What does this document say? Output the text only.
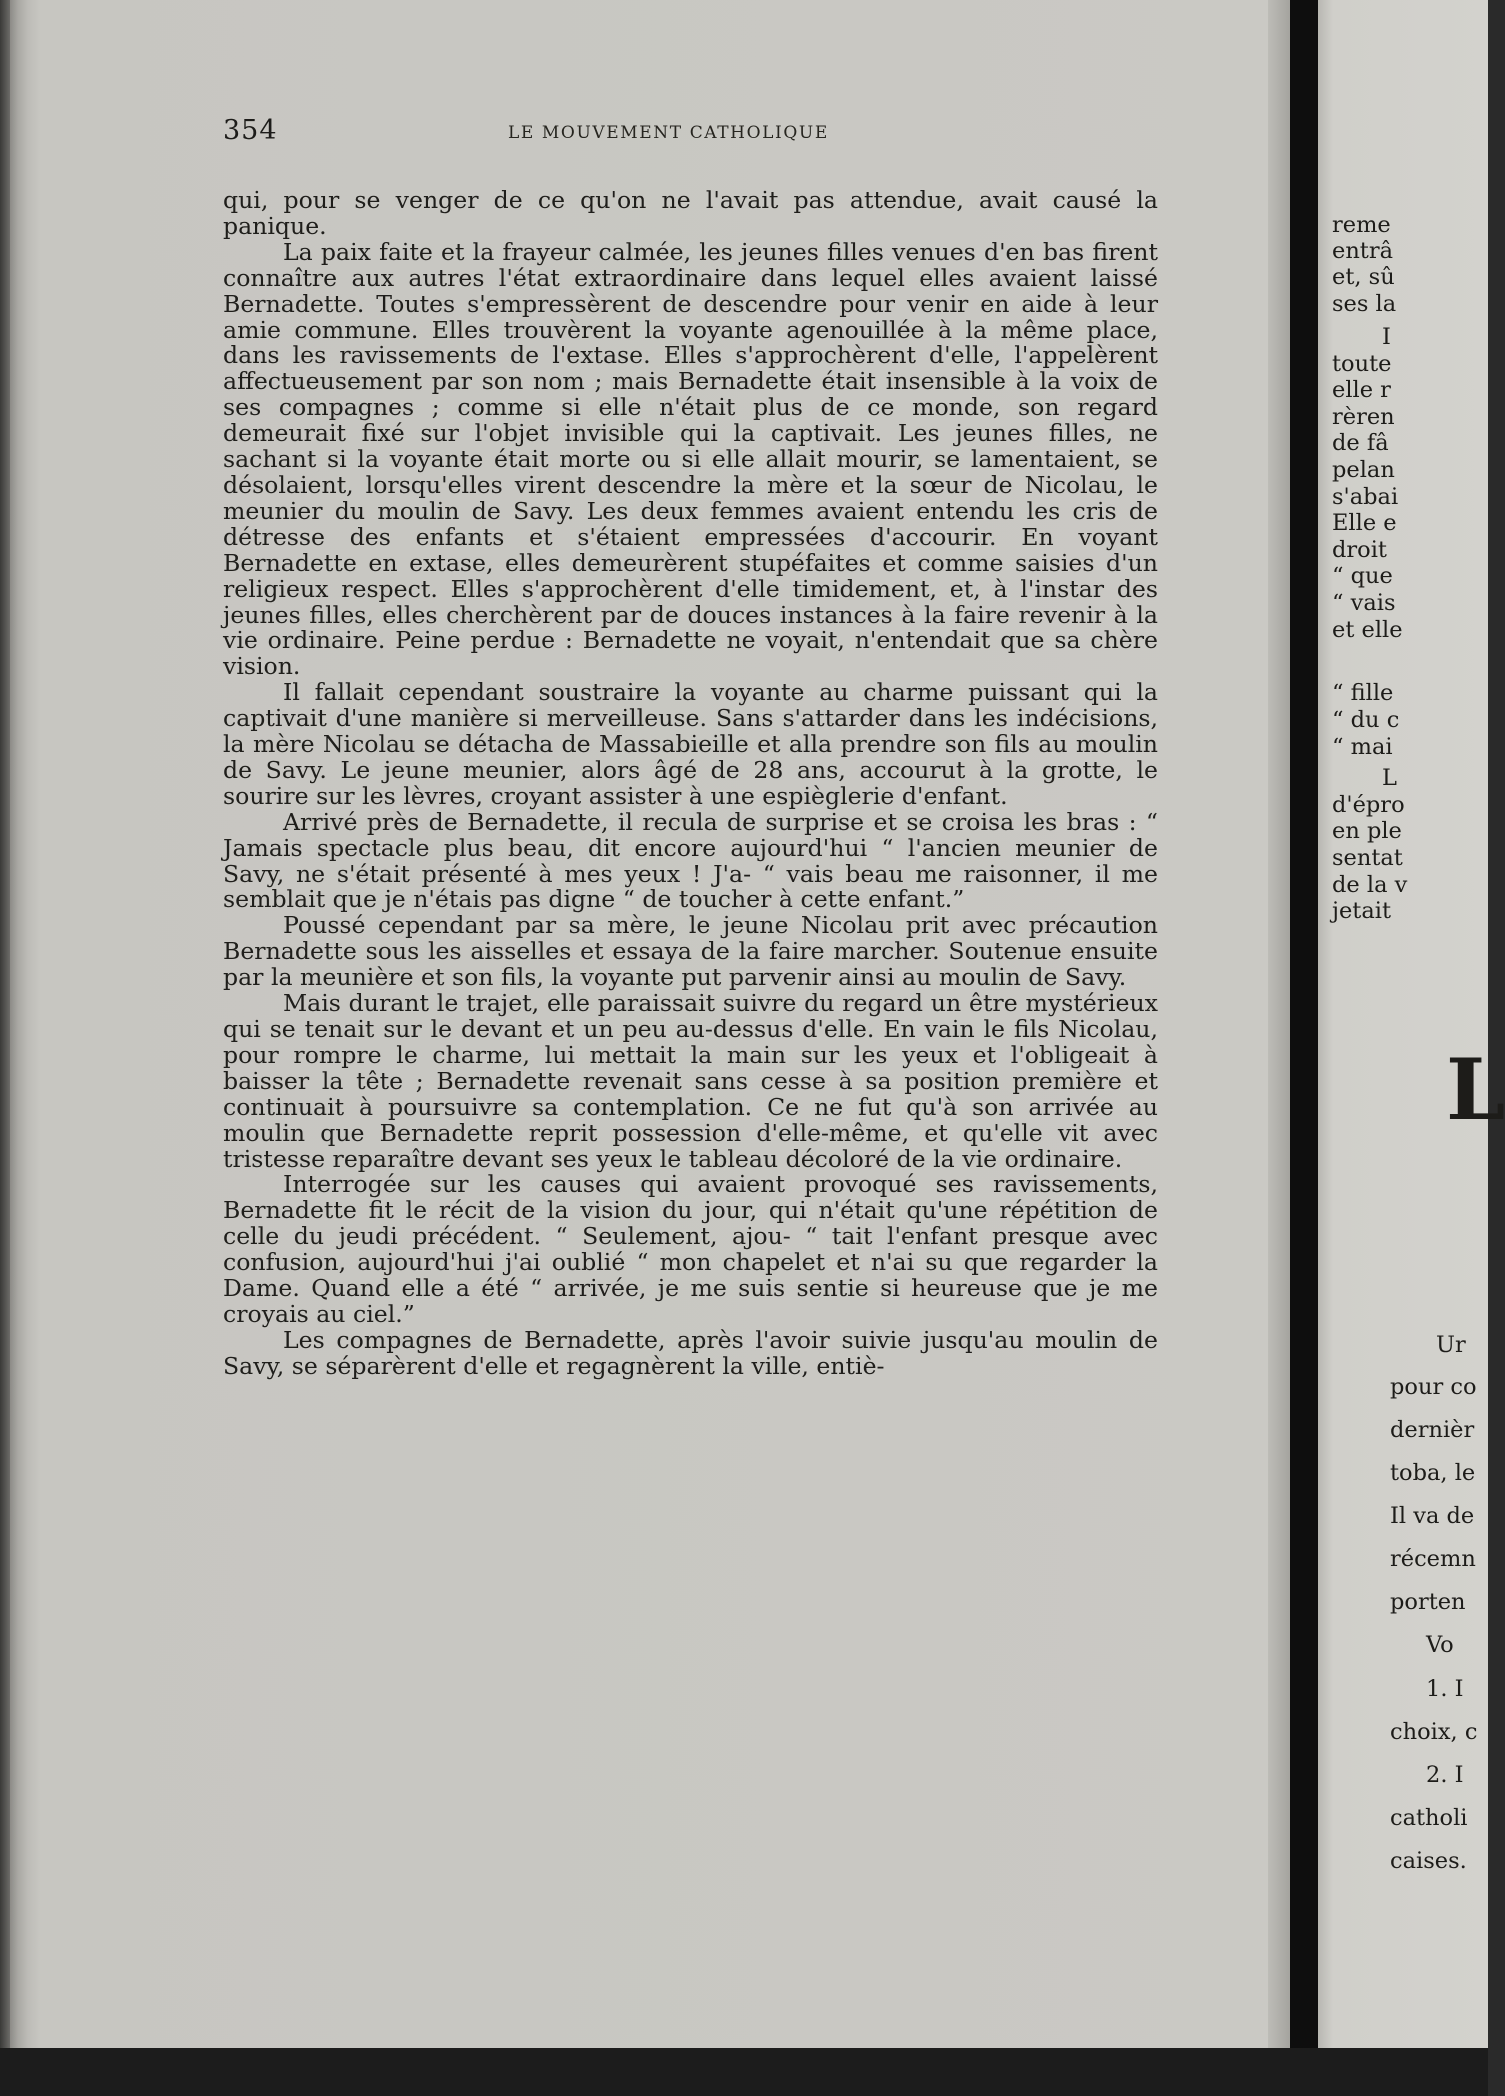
354	LE MOUVEMENT CATHOLIQUE

qui, pour se venger de ce qu'on ne l'avait pas attendue, avait causé la panique.

La paix faite et la frayeur calmée, les jeunes filles venues d'en bas firent connaître aux autres l'état extraordinaire dans lequel elles avaient laissé Bernadette. Toutes s'empressèrent de descendre pour venir en aide à leur amie commune. Elles trouvèrent la voyante agenouillée à la même place, dans les ravissements de l'extase. Elles s'approchèrent d'elle, l'appelèrent affectueusement par son nom ; mais Bernadette était insensible à la voix de ses compagnes ; comme si elle n'était plus de ce monde, son regard demeurait fixé sur l'objet invisible qui la captivait. Les jeunes filles, ne sachant si la voyante était morte ou si elle allait mourir, se lamentaient, se désolaient, lorsqu'elles virent descendre la mère et la sœur de Nicolau, le meunier du moulin de Savy. Les deux femmes avaient entendu les cris de détresse des enfants et s'étaient empressées d'accourir. En voyant Bernadette en extase, elles demeurèrent stupéfaites et comme saisies d'un religieux respect. Elles s'approchèrent d'elle timidement, et, à l'instar des jeunes filles, elles cherchèrent par de douces instances à la faire revenir à la vie ordinaire. Peine perdue : Bernadette ne voyait, n'entendait que sa chère vision.

Il fallait cependant soustraire la voyante au charme puissant qui la captivait d'une manière si merveilleuse. Sans s'attarder dans les indécisions, la mère Nicolau se détacha de Massabieille et alla prendre son fils au moulin de Savy. Le jeune meunier, alors âgé de 28 ans, accourut à la grotte, le sourire sur les lèvres, croyant assister à une espièglerie d'enfant.

Arrivé près de Bernadette, il recula de surprise et se croisa les bras : “ Jamais spectacle plus beau, dit encore aujourd'hui “ l'ancien meunier de Savy, ne s'était présenté à mes yeux ! J'a- “ vais beau me raisonner, il me semblait que je n'étais pas digne “ de toucher à cette enfant.”

Poussé cependant par sa mère, le jeune Nicolau prit avec précaution Bernadette sous les aisselles et essaya de la faire marcher. Soutenue ensuite par la meunière et son fils, la voyante put parvenir ainsi au moulin de Savy.

Mais durant le trajet, elle paraissait suivre du regard un être mystérieux qui se tenait sur le devant et un peu au-dessus d'elle. En vain le fils Nicolau, pour rompre le charme, lui mettait la main sur les yeux et l'obligeait à baisser la tête ; Bernadette revenait sans cesse à sa position première et continuait à poursuivre sa contemplation. Ce ne fut qu'à son arrivée au moulin que Bernadette reprit possession d'elle-même, et qu'elle vit avec tristesse reparaître devant ses yeux le tableau décoloré de la vie ordinaire.

Interrogée sur les causes qui avaient provoqué ses ravissements, Bernadette fit le récit de la vision du jour, qui n'était qu'une répétition de celle du jeudi précédent. “ Seulement, ajou- “ tait l'enfant presque avec confusion, aujourd'hui j'ai oublié “ mon chapelet et n'ai su que regarder la Dame. Quand elle a été “ arrivée, je me suis sentie si heureuse que je me croyais au ciel.”

Les compagnes de Bernadette, après l'avoir suivie jusqu'au moulin de Savy, se séparèrent d'elle et regagnèrent la ville, entiè-

reme
entrâ
et, sû
ses la
I
toute
elle r
rèren
de fâ
pelan
s'abai
Elle e
droit
“ que
“ vais
et elle
“ fille
“ du c
“ mai
L
d'épro
en ple
sentat
de la v
jetait
L
Ur
pour co
dernièr
toba, le
Il va de
récemn
porten
Vo
1. I
choix, c
2. I
catholi
caises.
